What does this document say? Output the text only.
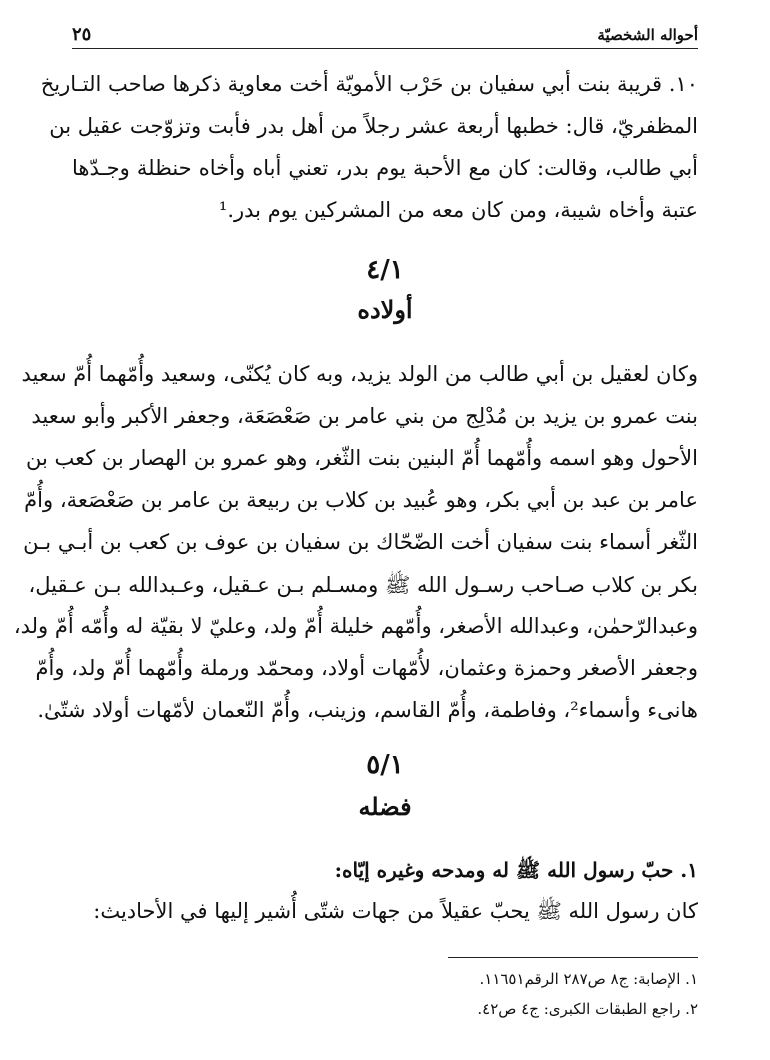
أحواله الشخصيّة
٢٥
١٠. قريبة بنت أبي سفيان بن حَرْب الأمويّة أخت معاوية ذكرها صاحب التـاريخ
المظفريّ، قال: خطبها أربعة عشر رجلاً من أهل بدر فأبت وتزوّجت عقيل بن
أبي طالب، وقالت: كان مع الأحبة يوم بدر، تعني أباه وأخاه حنظلة وجـدّها
عتبة وأخاه شيبة، ومن كان معه من المشركين يوم بدر.¹
٤/١
أولاده
وكان لعقيل بن أبي طالب من الولد يزيد، وبه كان يُكنّى، وسعيد وأُمّهما أُمّ سعيد
بنت عمرو بن يزيد بن مُدْلِج من بني عامر بن صَعْصَعَة، وجعفر الأكبر وأبو سعيد
الأحول وهو اسمه وأُمّهما أُمّ البنين بنت الثّغر، وهو عمرو بن الهصار بن كعب بن
عامر بن عبد بن أبي بكر، وهو عُبيد بن كلاب بن ربيعة بن عامر بن صَعْصَعة، وأُمّ
الثّغر أسماء بنت سفيان أخت الضّحّاك بن سفيان بن عوف بن كعب بن أبـي بـن
بكر بن كلاب صـاحب رسـول الله ﷺ ومسـلم بـن عـقيل، وعـبدالله بـن عـقيل،
وعبدالرّحمٰن، وعبدالله الأصغر، وأُمّهم خليلة أُمّ ولد، وعليّ لا بقيّة له وأُمّه أُمّ ولد،
وجعفر الأصغر وحمزة وعثمان، لأُمّهات أولاد، ومحمّد ورملة وأُمّهما أُمّ ولد، وأُمّ
هانىء وأسماء²، وفاطمة، وأُمّ القاسم، وزينب، وأُمّ النّعمان لأمّهات أولاد شتّىٰ.
٥/١
فضله
١. حبّ رسول الله ﷺ له ومدحه وغيره إيّاه:
كان رسول الله ﷺ يحبّ عقيلاً من جهات شتّى أُشير إليها في الأحاديث:
١. الإصابة: ج٨ ص٢٨٧ الرقم١١٦٥١.
٢. راجع الطبقات الكبرى: ج٤ ص٤٢.
